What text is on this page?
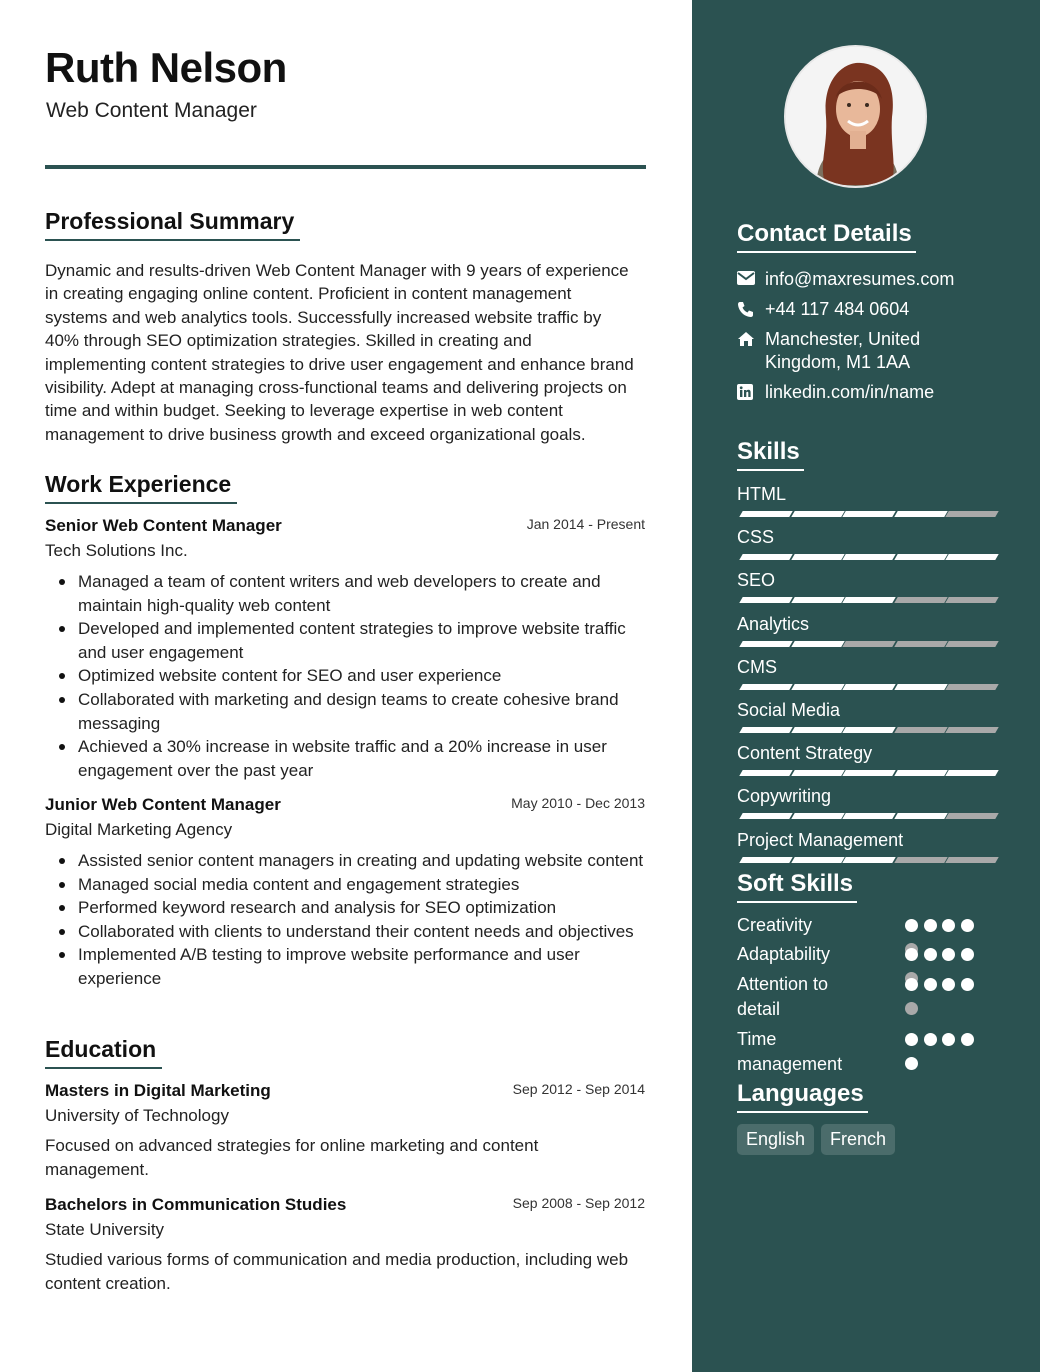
Ruth Nelson
Web Content Manager
Professional Summary
Dynamic and results-driven Web Content Manager with 9 years of experience in creating engaging online content. Proficient in content management systems and web analytics tools. Successfully increased website traffic by 40% through SEO optimization strategies. Skilled in creating and implementing content strategies to drive user engagement and enhance brand visibility. Adept at managing cross-functional teams and delivering projects on time and within budget. Seeking to leverage expertise in web content management to drive business growth and exceed organizational goals.
Work Experience
Senior Web Content Manager	Jan 2014 - Present
Tech Solutions Inc.
Managed a team of content writers and web developers to create and maintain high-quality web content
Developed and implemented content strategies to improve website traffic and user engagement
Optimized website content for SEO and user experience
Collaborated with marketing and design teams to create cohesive brand messaging
Achieved a 30% increase in website traffic and a 20% increase in user engagement over the past year
Junior Web Content Manager	May 2010 - Dec 2013
Digital Marketing Agency
Assisted senior content managers in creating and updating website content
Managed social media content and engagement strategies
Performed keyword research and analysis for SEO optimization
Collaborated with clients to understand their content needs and objectives
Implemented A/B testing to improve website performance and user experience
Education
Masters in Digital Marketing	Sep 2012 - Sep 2014
University of Technology
Focused on advanced strategies for online marketing and content management.
Bachelors in Communication Studies	Sep 2008 - Sep 2012
State University
Studied various forms of communication and media production, including web content creation.
Contact Details
info@maxresumes.com
+44 117 484 0604
Manchester, United
Kingdom, M1 1AA
linkedin.com/in/name
Skills
HTML
CSS
SEO
Analytics
CMS
Social Media
Content Strategy
Copywriting
Project Management
Soft Skills
Creativity
Adaptability
Attention to detail
Time management
Languages
English	French
